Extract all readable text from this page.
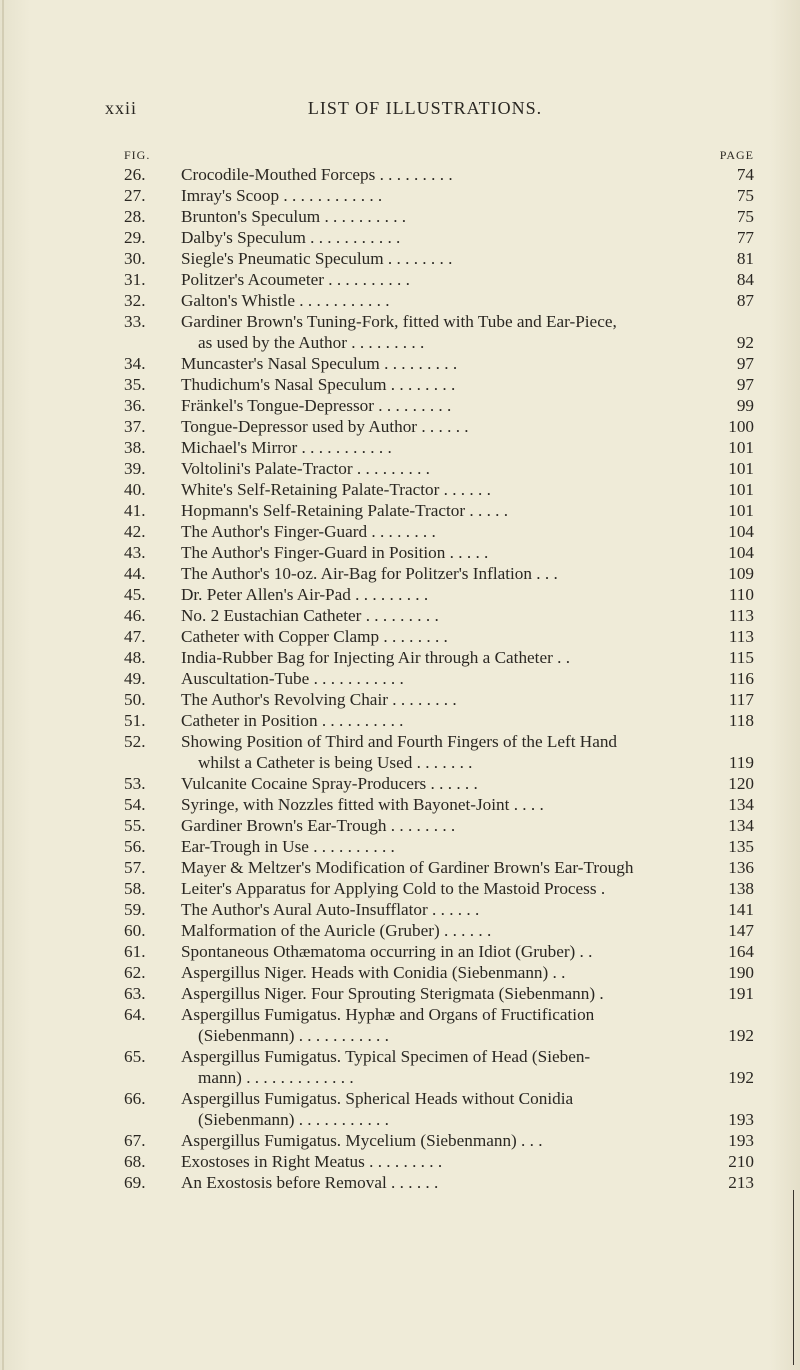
xxii	LIST OF ILLUSTRATIONS.
FIG.	PAGE
26.	Crocodile-Mouthed Forceps . . . . . . . . .	74
27.	Imray's Scoop . . . . . . . . . . . .	75
28.	Brunton's Speculum . . . . . . . . . .	75
29.	Dalby's Speculum . . . . . . . . . . .	77
30.	Siegle's Pneumatic Speculum . . . . . . . .	81
31.	Politzer's Acoumeter . . . . . . . . . .	84
32.	Galton's Whistle . . . . . . . . . . .	87
33.	Gardiner Brown's Tuning-Fork, fitted with Tube and Ear-Piece,
as used by the Author . . . . . . . . .	92
34.	Muncaster's Nasal Speculum . . . . . . . . .	97
35.	Thudichum's Nasal Speculum . . . . . . . .	97
36.	Fränkel's Tongue-Depressor . . . . . . . . .	99
37.	Tongue-Depressor used by Author . . . . . .	100
38.	Michael's Mirror . . . . . . . . . . .	101
39.	Voltolini's Palate-Tractor . . . . . . . . .	101
40.	White's Self-Retaining Palate-Tractor . . . . . .	101
41.	Hopmann's Self-Retaining Palate-Tractor . . . . .	101
42.	The Author's Finger-Guard . . . . . . . .	104
43.	The Author's Finger-Guard in Position . . . . .	104
44.	The Author's 10-oz. Air-Bag for Politzer's Inflation . . .	109
45.	Dr. Peter Allen's Air-Pad . . . . . . . . .	110
46.	No. 2 Eustachian Catheter . . . . . . . . .	113
47.	Catheter with Copper Clamp . . . . . . . .	113
48.	India-Rubber Bag for Injecting Air through a Catheter . .	115
49.	Auscultation-Tube . . . . . . . . . . .	116
50.	The Author's Revolving Chair . . . . . . . .	117
51.	Catheter in Position . . . . . . . . . .	118
52.	Showing Position of Third and Fourth Fingers of the Left Hand
whilst a Catheter is being Used . . . . . . .	119
53.	Vulcanite Cocaine Spray-Producers . . . . . .	120
54.	Syringe, with Nozzles fitted with Bayonet-Joint . . . .	134
55.	Gardiner Brown's Ear-Trough . . . . . . . .	134
56.	Ear-Trough in Use . . . . . . . . . .	135
57.	Mayer & Meltzer's Modification of Gardiner Brown's Ear-Trough	136
58.	Leiter's Apparatus for Applying Cold to the Mastoid Process .	138
59.	The Author's Aural Auto-Insufflator . . . . . .	141
60.	Malformation of the Auricle (Gruber) . . . . . .	147
61.	Spontaneous Othæmatoma occurring in an Idiot (Gruber) . .	164
62.	Aspergillus Niger. Heads with Conidia (Siebenmann) . .	190
63.	Aspergillus Niger. Four Sprouting Sterigmata (Siebenmann) .	191
64.	Aspergillus Fumigatus. Hyphæ and Organs of Fructification
(Siebenmann) . . . . . . . . . . .	192
65.	Aspergillus Fumigatus. Typical Specimen of Head (Sieben-
mann) . . . . . . . . . . . . .	192
66.	Aspergillus Fumigatus. Spherical Heads without Conidia
(Siebenmann) . . . . . . . . . . .	193
67.	Aspergillus Fumigatus. Mycelium (Siebenmann) . . .	193
68.	Exostoses in Right Meatus . . . . . . . . .	210
69.	An Exostosis before Removal . . . . . .	213
